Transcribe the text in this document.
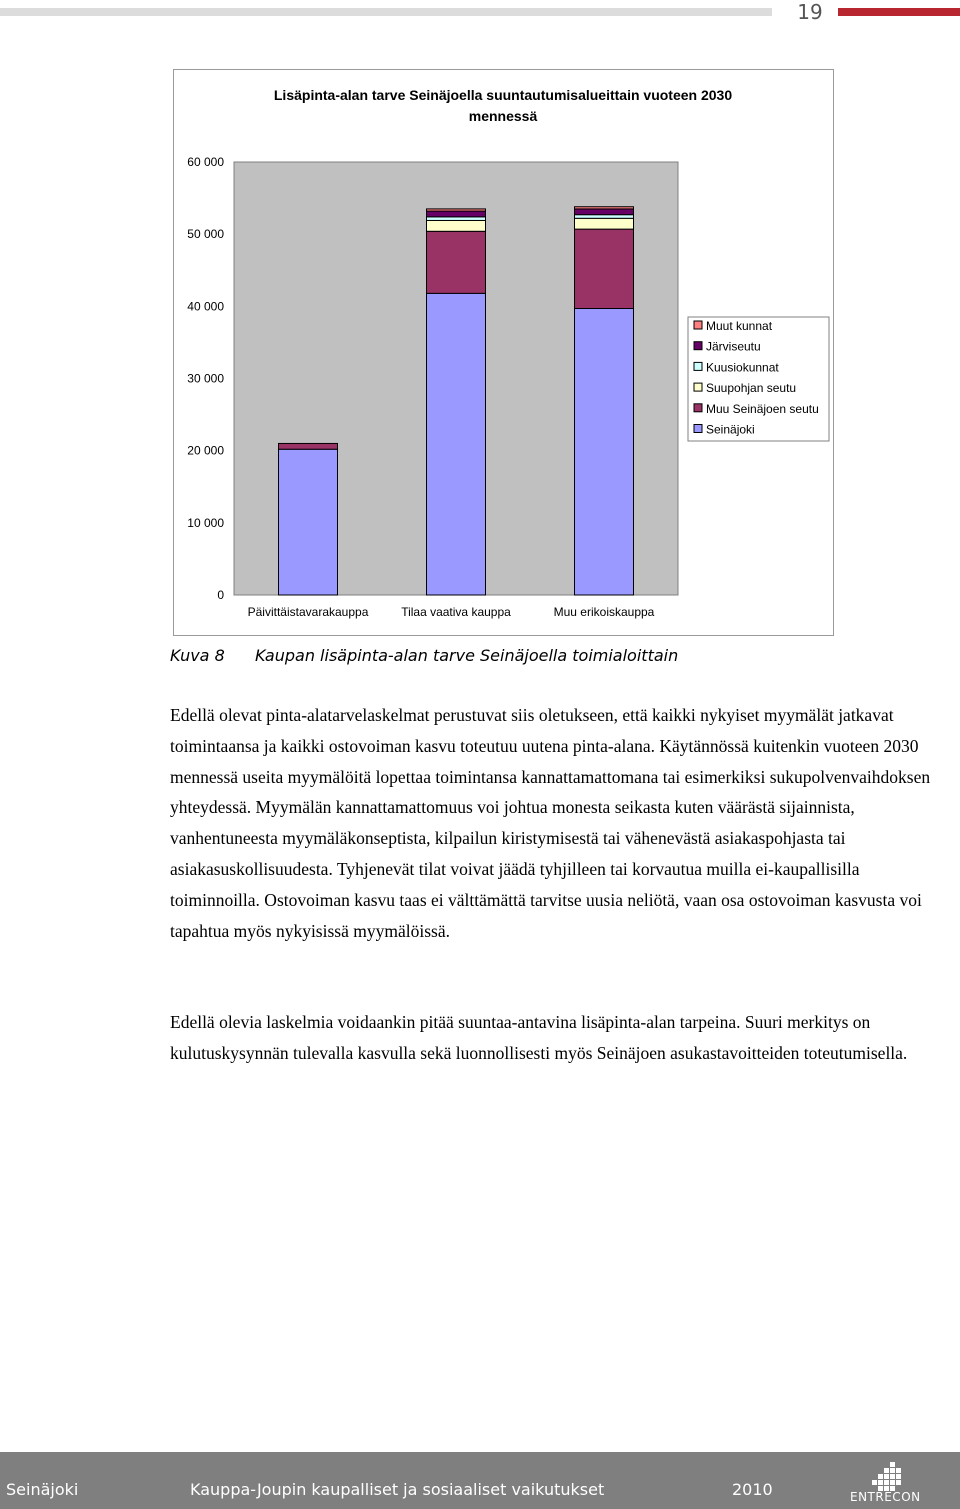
19
Lisäpinta-alan tarve Seinäjoella suuntautumisalueittain vuoteen 2030
mennessä
0
10 000
20 000
30 000
40 000
50 000
60 000
Päivittäistavarakauppa	Tilaa vaativa kauppa	Muu erikoiskauppa
Muut kunnat
Järviseutu
Kuusiokunnat
Suupohjan seutu
Muu Seinäjoen seutu
Seinäjoki
Kuva 8 Kaupan lisäpinta-alan tarve Seinäjoella toimialoittain

Edellä olevat pinta-alatarvelaskelmat perustuvat siis oletukseen, että kaikki nykyiset myymälät jatkavat toimintaansa ja kaikki ostovoiman kasvu toteutuu uutena pinta-alana. Käytännössä kuitenkin vuoteen 2030 mennessä useita myymälöitä lopettaa toimintansa kannattamattomana tai esimerkiksi sukupolvenvaihdoksen yhteydessä. Myymälän kannattamattomuus voi johtua monesta seikasta kuten väärästä sijainnista, vanhentuneesta myymäläkonseptista, kilpailun kiristymisestä tai vähenevästä asiakaspohjasta tai asiakasuskollisuudesta. Tyhjenevät tilat voivat jäädä tyhjilleen tai korvautua muilla ei-kaupallisilla toiminnoilla. Ostovoiman kasvu taas ei välttämättä tarvitse uusia neliötä, vaan osa ostovoiman kasvusta voi tapahtua myös nykyisissä myymälöissä.

Edellä olevia laskelmia voidaankin pitää suuntaa-antavina lisäpinta-alan tarpeina. Suuri merkitys on kulutuskysynnän tulevalla kasvulla sekä luonnollisesti myös Seinäjoen asukastavoitteiden toteutumisella.

Seinäjoki	Kauppa-Joupin kaupalliset ja sosiaaliset vaikutukset	2010	ENTRECON
